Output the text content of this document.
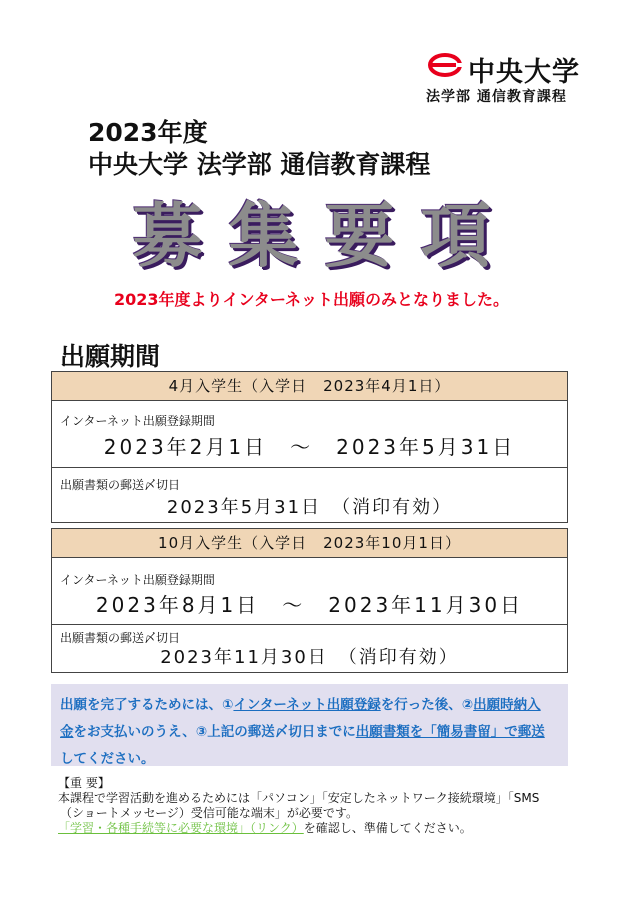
中央大学
法学部 通信教育課程
2023年度
中央大学 法学部 通信教育課程
募集要項
2023年度よりインターネット出願のみとなりました。
出願期間
4月入学生（入学日　2023年4月1日）
インターネット出願登録期間
2023年2月1日　～　2023年5月31日
出願書類の郵送〆切日
2023年5月31日　（消印有効）
10月入学生（入学日　2023年10月1日）
インターネット出願登録期間
2023年8月1日　～　2023年11月30日
出願書類の郵送〆切日
2023年11月30日　（消印有効）
出願を完了するためには、①インターネット出願登録を行った後、②出願時納入
金をお支払いのうえ、③上記の郵送〆切日までに出願書類を「簡易書留」で郵送
してください。
【重 要】
本課程で学習活動を進めるためには「パソコン」「安定したネットワーク接続環境」「SMS
（ショートメッセージ）受信可能な端末」が必要です。
「学習・各種手続等に必要な環境」（リンク）を確認し、準備してください。
